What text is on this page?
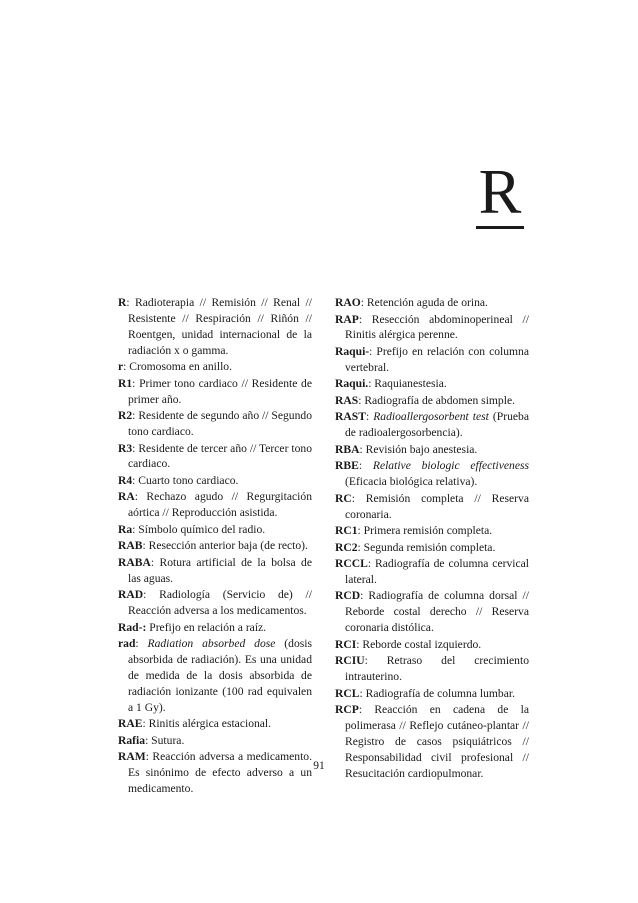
R

R: Radioterapia // Remisión // Renal // Resistente // Respiración // Riñón // Roentgen, unidad internacional de la radiación x o gamma.

r: Cromosoma en anillo.

R1: Primer tono cardiaco // Residente de primer año.

R2: Residente de segundo año // Segundo tono cardiaco.

R3: Residente de tercer año // Tercer tono cardiaco.

R4: Cuarto tono cardiaco.

RA: Rechazo agudo // Regurgitación aórtica // Reproducción asistida.

Ra: Símbolo químico del radio.

RAB: Resección anterior baja (de recto).

RABA: Rotura artificial de la bolsa de las aguas.

RAD: Radiología (Servicio de) // Reacción adversa a los medicamentos.

Rad-: Prefijo en relación a raíz.

rad: Radiation absorbed dose (dosis absorbida de radiación). Es una unidad de medida de la dosis absorbida de radiación ionizante (100 rad equivalen a 1 Gy).

RAE: Rinitis alérgica estacional.

Rafia: Sutura.

RAM: Reacción adversa a medicamento. Es sinónimo de efecto adverso a un medicamento.

RAO: Retención aguda de orina.

RAP: Resección abdominoperineal // Rinitis alérgica perenne.

Raqui-: Prefijo en relación con columna vertebral.

Raqui.: Raquianestesia.

RAS: Radiografía de abdomen simple.

RAST: Radioallergosorbent test (Prueba de radioalergosorbencia).

RBA: Revisión bajo anestesia.

RBE: Relative biologic effectiveness (Eficacia biológica relativa).

RC: Remisión completa // Reserva coronaria.

RC1: Primera remisión completa.

RC2: Segunda remisión completa.

RCCL: Radiografía de columna cervical lateral.

RCD: Radiografía de columna dorsal // Reborde costal derecho // Reserva coronaria distólica.

RCI: Reborde costal izquierdo.

RCIU: Retraso del crecimiento intrauterino.

RCL: Radiografía de columna lumbar.

RCP: Reacción en cadena de la polimerasa // Reflejo cutáneo-plantar // Registro de casos psiquiátricos // Responsabilidad civil profesional // Resucitación cardiopulmonar.

91
